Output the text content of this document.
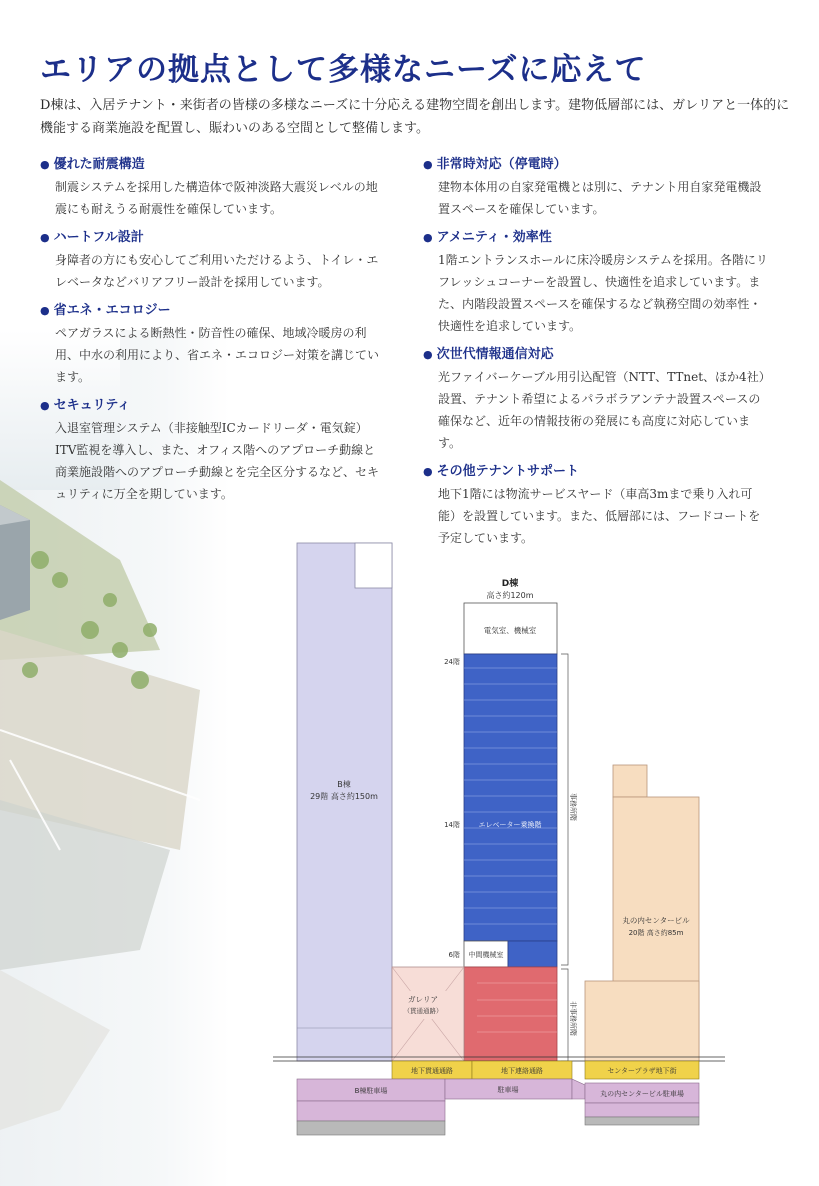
エリアの拠点として多様なニーズに応えて

D棟は、入居テナント・来街者の皆様の多様なニーズに十分応える建物空間を創出します。建物低層部には、ガレリアと一体的に機能する商業施設を配置し、賑わいのある空間として整備します。

● 優れた耐震構造

制震システムを採用した構造体で阪神淡路大震災レベルの地震にも耐えうる耐震性を確保しています。

● ハートフル設計

身障者の方にも安心してご利用いただけるよう、トイレ・エレベータなどバリアフリー設計を採用しています。

● 省エネ・エコロジー

ペアガラスによる断熱性・防音性の確保、地域冷暖房の利用、中水の利用により、省エネ・エコロジー対策を講じています。

● セキュリティ

入退室管理システム（非接触型ICカードリーダ・電気錠）ITV監視を導入し、また、オフィス階へのアプローチ動線と商業施設階へのアプローチ動線とを完全区分するなど、セキュリティに万全を期しています。

● 非常時対応（停電時）

建物本体用の自家発電機とは別に、テナント用自家発電機設置スペースを確保しています。

● アメニティ・効率性

1階エントランスホールに床冷暖房システムを採用。各階にリフレッシュコーナーを設置し、快適性を追求しています。また、内階段設置スペースを確保するなど執務空間の効率性・快適性を追求しています。

● 次世代情報通信対応

光ファイバーケーブル用引込配管（NTT、TTnet、ほか4社）設置、テナント希望によるパラボラアンテナ設置スペースの確保など、近年の情報技術の発展にも高度に対応しています。

● その他テナントサポート

地下1階には物流サービスヤード（車高3mまで乗り入れ可能）を設置しています。また、低層部には、フードコートを予定しています。

B棟
29階 高さ約150m
D棟
高さ約120m
電気室、機械室
エレベーター乗換階
中間機械室
24階
14階
6階
事務所階
非事務所階
ガレリア
（貫通通路）
丸の内センタービル
20階 高さ約85m
地下貫通通路	地下連絡通路	センタープラザ地下街
B棟駐車場	駐車場	丸の内センタービル駐車場
